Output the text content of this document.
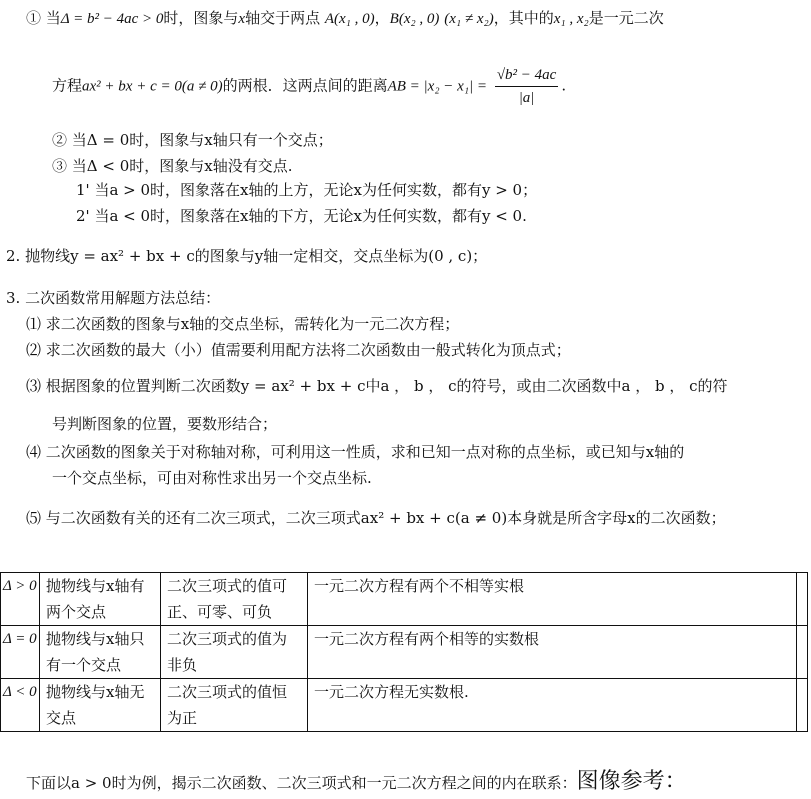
① 当Δ = b² − 4ac > 0时，图象与x轴交于两点 A(x₁ , 0)，B(x₂ , 0) (x₁ ≠ x₂)，其中的x₁ , x₂是一元二次
方程ax² + bx + c = 0(a ≠ 0)的两根．这两点间的距离AB = $|x_2 - x_1| = \frac{\text{√b² − 4ac}}{|a|}$ .
② 当Δ = 0时，图象与x轴只有一个交点；
③ 当Δ < 0时，图象与x轴没有交点.
1' 当a > 0时，图象落在x轴的上方，无论x为任何实数，都有y > 0；
2' 当a < 0时，图象落在x轴的下方，无论x为任何实数，都有y < 0.
2. 抛物线y = ax² + bx + c的图象与y轴一定相交，交点坐标为(0 , c)；
3. 二次函数常用解题方法总结：
⑴ 求二次函数的图象与x轴的交点坐标，需转化为一元二次方程；
⑵ 求二次函数的最大（小）值需要利用配方法将二次函数由一般式转化为顶点式；
⑶ 根据图象的位置判断二次函数y = ax² + bx + c中a ， b ， c的符号，或由二次函数中a ， b ， c的符
号判断图象的位置，要数形结合；
⑷ 二次函数的图象关于对称轴对称，可利用这一性质，求和已知一点对称的点坐标，或已知与x轴的
一个交点坐标，可由对称性求出另一个交点坐标.
⑸ 与二次函数有关的还有二次三项式，二次三项式ax² + bx + c(a ≠ 0)本身就是所含字母x的二次函数；
Δ > 0	抛物线与x轴有两个交点	二次三项式的值可正、可零、可负	一元二次方程有两个不相等实根	
Δ = 0	抛物线与x轴只有一个交点	二次三项式的值为非负	一元二次方程有两个相等的实数根	
Δ < 0	抛物线与x轴无交点	二次三项式的值恒为正	一元二次方程无实数根.	
下面以a > 0时为例，揭示二次函数、二次三项式和一元二次方程之间的内在联系：图像参考：
